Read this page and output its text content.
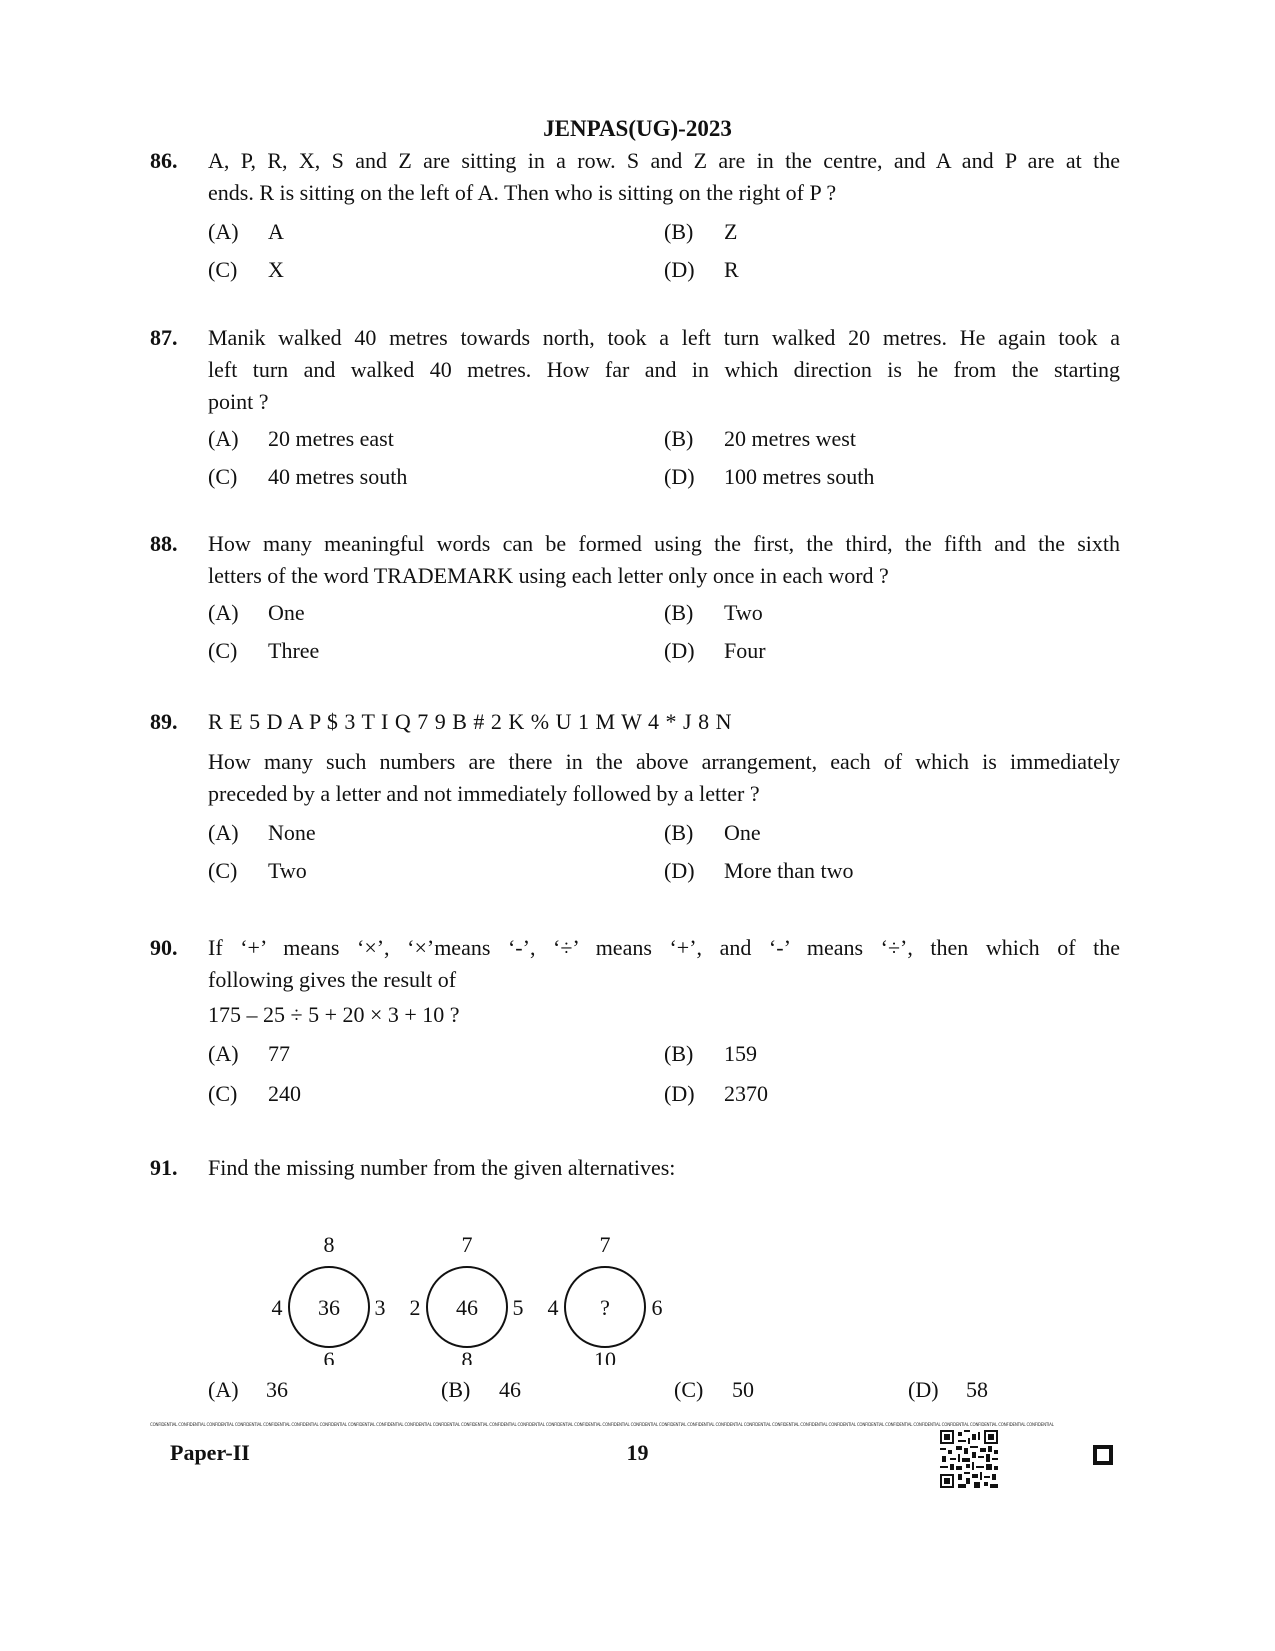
JENPAS(UG)-2023
86.	A, P, R, X, S and Z are sitting in a row. S and Z are in the centre, and A and P are at the
ends. R is sitting on the left of A. Then who is sitting on the right of P ?
(A)	A	(B)	Z
(C)	X	(D)	R
87.	Manik walked 40 metres towards north, took a left turn walked 20 metres. He again took a
left turn and walked 40 metres. How far and in which direction is he from the starting
point ?
(A)	20 metres east	(B)	20 metres west
(C)	40 metres south	(D)	100 metres south
88.	How many meaningful words can be formed using the first, the third, the fifth and the sixth
letters of the word TRADEMARK using each letter only once in each word ?
(A)	One	(B)	Two
(C)	Three	(D)	Four
89.	R E 5 D A P $ 3 T I Q 7 9 B # 2 K % U 1 M W 4 * J 8 N
How many such numbers are there in the above arrangement, each of which is immediately
preceded by a letter and not immediately followed by a letter ?
(A)	None	(B)	One
(C)	Two	(D)	More than two
90.	If ‘+’ means ‘×’, ‘×’means ‘-’, ‘÷’ means ‘+’, and ‘-’ means ‘÷’, then which of the
following gives the result of
175 – 25 ÷ 5 + 20 × 3 + 10 ?
(A)	77	(B)	159
(C)	240	(D)	2370
91.	Find the missing number from the given alternatives:
8
4 36 3
6
7
2 46 5
8
7
4 ? 6
10
(A)	36	(B)	46	(C)	50	(D)	58
CONFIDENTIAL CONFIDENTIAL CONFIDENTIAL CONFIDENTIAL CONFIDENTIAL CONFIDENTIAL CONFIDENTIAL CONFIDENTIAL CONFIDENTIAL CONFIDENTIAL CONFIDENTIAL CONFIDENTIAL CONFIDENTIAL CONFIDENTIAL CONFIDENTIAL CONFIDENTIAL CONFIDENTIAL CONFIDENTIAL CONFIDENTIAL CONFIDENTIAL CONFIDENTIAL CONFIDENTIAL CONFIDENTIAL CONFIDENTIAL CONFIDENTIAL CONFIDENTIAL CONFIDENTIAL CONFIDENTIAL CONFIDENTIAL CONFIDENTIAL CONFIDENTIAL CONFIDENTIAL
Paper-II	19
